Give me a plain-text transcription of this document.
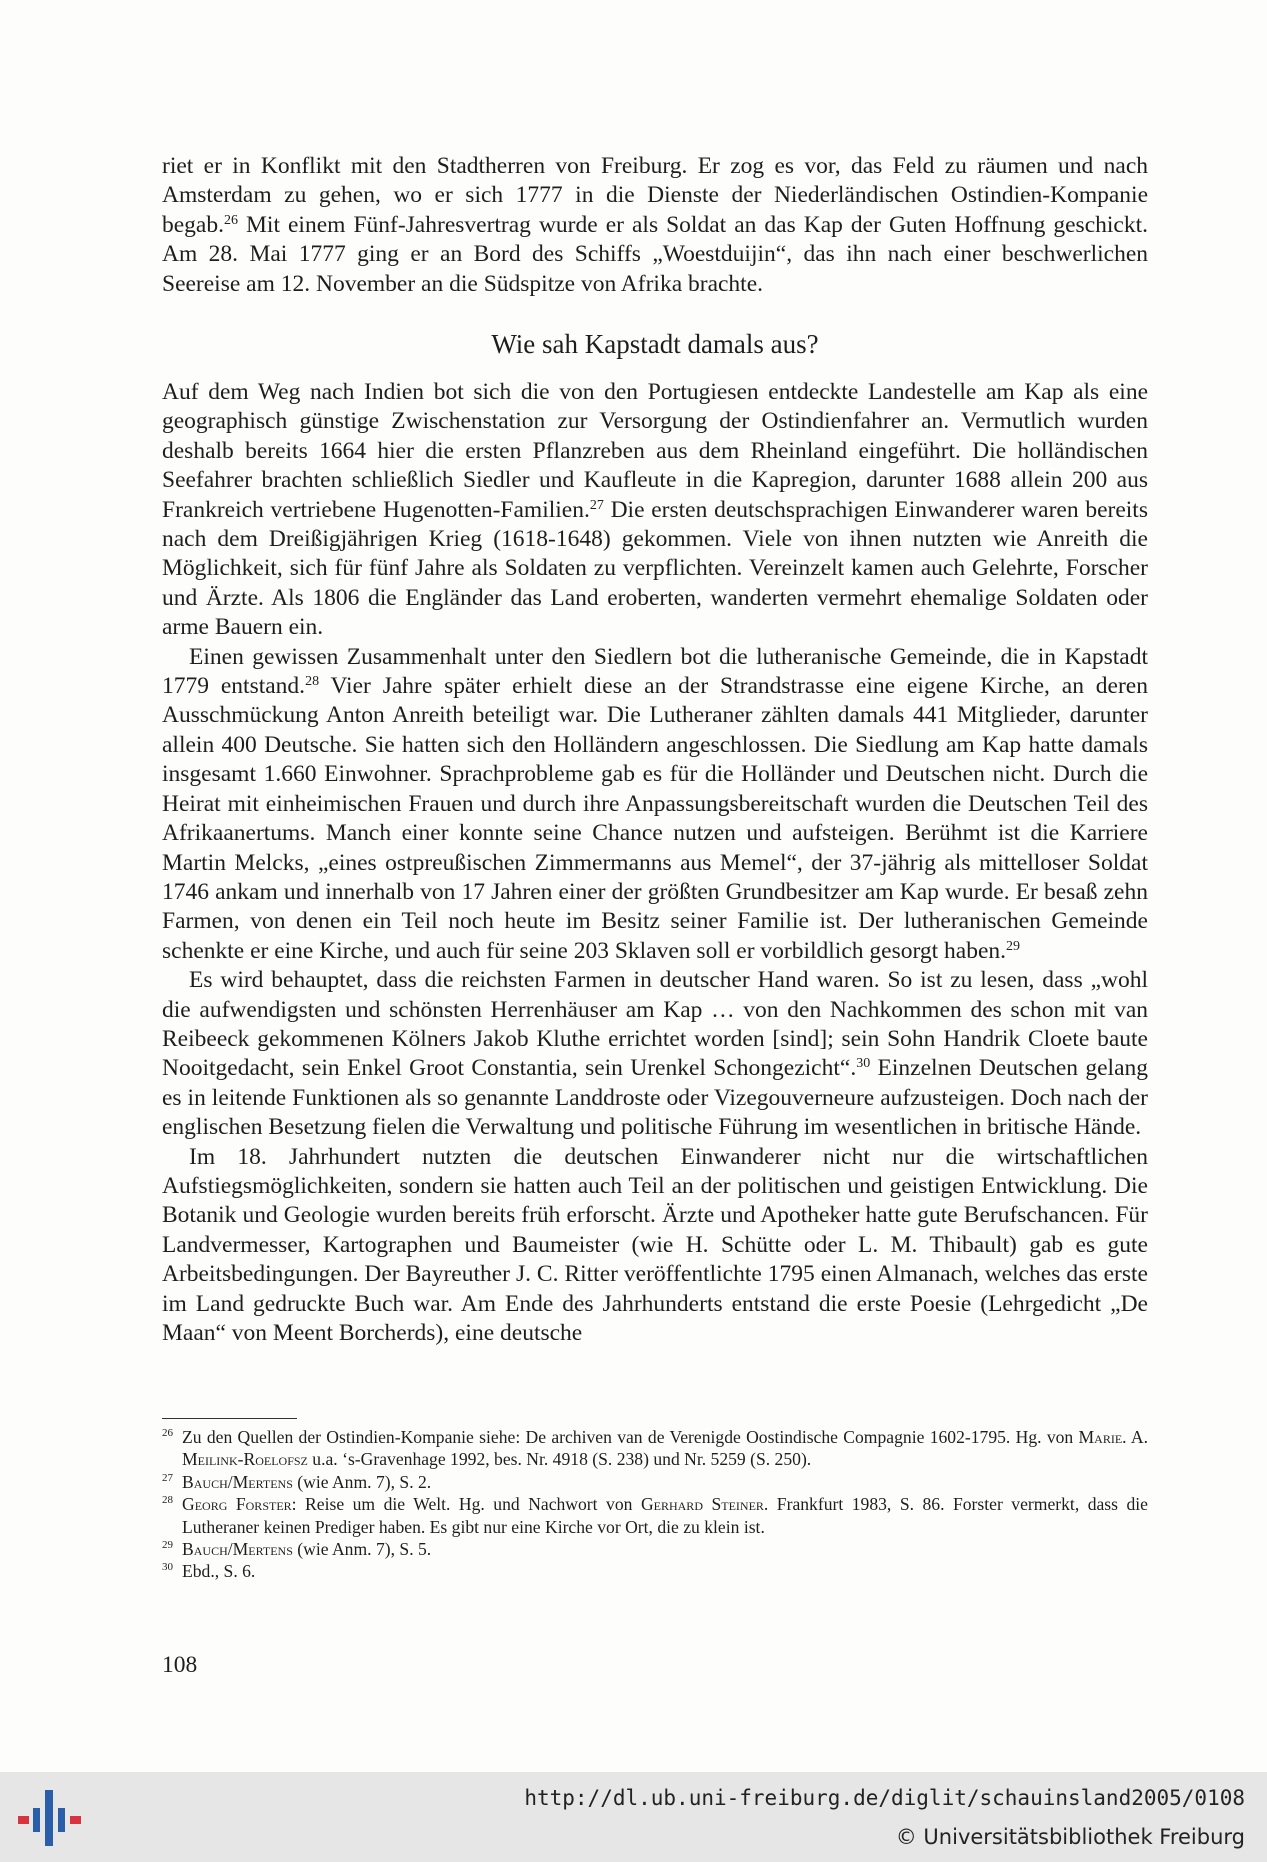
riet er in Konflikt mit den Stadtherren von Freiburg. Er zog es vor, das Feld zu räumen und nach Amsterdam zu gehen, wo er sich 1777 in die Dienste der Niederländischen Ostindien-Kompanie begab.$^{26}$ Mit einem Fünf-Jahresvertrag wurde er als Soldat an das Kap der Guten Hoffnung geschickt. Am 28. Mai 1777 ging er an Bord des Schiffs „Woestduijin“, das ihn nach einer beschwerlichen Seereise am 12. November an die Südspitze von Afrika brachte.

Wie sah Kapstadt damals aus?

Auf dem Weg nach Indien bot sich die von den Portugiesen entdeckte Landestelle am Kap als eine geographisch günstige Zwischenstation zur Versorgung der Ostindienfahrer an. Vermutlich wurden deshalb bereits 1664 hier die ersten Pflanzreben aus dem Rheinland eingeführt. Die holländischen Seefahrer brachten schließlich Siedler und Kaufleute in die Kapregion, darunter 1688 allein 200 aus Frankreich vertriebene Hugenotten-Familien.$^{27}$ Die ersten deutschsprachigen Einwanderer waren bereits nach dem Dreißigjährigen Krieg (1618-1648) gekommen. Viele von ihnen nutzten wie Anreith die Möglichkeit, sich für fünf Jahre als Soldaten zu verpflichten. Vereinzelt kamen auch Gelehrte, Forscher und Ärzte. Als 1806 die Engländer das Land eroberten, wanderten vermehrt ehemalige Soldaten oder arme Bauern ein.

Einen gewissen Zusammenhalt unter den Siedlern bot die lutheranische Gemeinde, die in Kapstadt 1779 entstand.$^{28}$ Vier Jahre später erhielt diese an der Strandstrasse eine eigene Kirche, an deren Ausschmückung Anton Anreith beteiligt war. Die Lutheraner zählten damals 441 Mitglieder, darunter allein 400 Deutsche. Sie hatten sich den Holländern angeschlossen. Die Siedlung am Kap hatte damals insgesamt 1.660 Einwohner. Sprachprobleme gab es für die Holländer und Deutschen nicht. Durch die Heirat mit einheimischen Frauen und durch ihre Anpassungsbereitschaft wurden die Deutschen Teil des Afrikaanertums. Manch einer konnte seine Chance nutzen und aufsteigen. Berühmt ist die Karriere Martin Melcks, „eines ostpreußischen Zimmermanns aus Memel“, der 37-jährig als mittelloser Soldat 1746 ankam und innerhalb von 17 Jahren einer der größten Grundbesitzer am Kap wurde. Er besaß zehn Farmen, von denen ein Teil noch heute im Besitz seiner Familie ist. Der lutheranischen Gemeinde schenkte er eine Kirche, und auch für seine 203 Sklaven soll er vorbildlich gesorgt haben.$^{29}$

Es wird behauptet, dass die reichsten Farmen in deutscher Hand waren. So ist zu lesen, dass „wohl die aufwendigsten und schönsten Herrenhäuser am Kap … von den Nachkommen des schon mit van Reibeeck gekommenen Kölners Jakob Kluthe errichtet worden [sind]; sein Sohn Handrik Cloete baute Nooitgedacht, sein Enkel Groot Constantia, sein Urenkel Schongezicht“.$^{30}$ Einzelnen Deutschen gelang es in leitende Funktionen als so genannte Landdroste oder Vizegouverneure aufzusteigen. Doch nach der englischen Besetzung fielen die Verwaltung und politische Führung im wesentlichen in britische Hände.

Im 18. Jahrhundert nutzten die deutschen Einwanderer nicht nur die wirtschaftlichen Aufstiegsmöglichkeiten, sondern sie hatten auch Teil an der politischen und geistigen Entwicklung. Die Botanik und Geologie wurden bereits früh erforscht. Ärzte und Apotheker hatte gute Berufschancen. Für Landvermesser, Kartographen und Baumeister (wie H. Schütte oder L. M. Thibault) gab es gute Arbeitsbedingungen. Der Bayreuther J. C. Ritter veröffentlichte 1795 einen Almanach, welches das erste im Land gedruckte Buch war. Am Ende des Jahrhunderts entstand die erste Poesie (Lehrgedicht „De Maan“ von Meent Borcherds), eine deutsche

26 Zu den Quellen der Ostindien-Kompanie siehe: De archiven van de Verenigde Oostindische Compagnie 1602-1795. Hg. von Marie. A. Meilink-Roelofsz u.a. ‘s-Gravenhage 1992, bes. Nr. 4918 (S. 238) und Nr. 5259 (S. 250).

27 Bauch/Mertens (wie Anm. 7), S. 2.

28 Georg Forster: Reise um die Welt. Hg. und Nachwort von Gerhard Steiner. Frankfurt 1983, S. 86. Forster vermerkt, dass die Lutheraner keinen Prediger haben. Es gibt nur eine Kirche vor Ort, die zu klein ist.

29 Bauch/Mertens (wie Anm. 7), S. 5.

30 Ebd., S. 6.

108
http://dl.ub.uni-freiburg.de/diglit/schauinsland2005/0108
© Universitätsbibliothek Freiburg
